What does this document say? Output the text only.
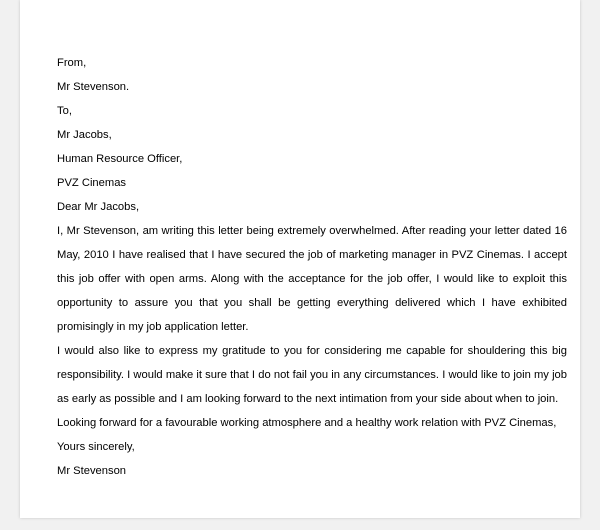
From,
Mr Stevenson.
To,
Mr Jacobs,
Human Resource Officer,
PVZ Cinemas
Dear Mr Jacobs,
I, Mr Stevenson, am writing this letter being extremely overwhelmed. After reading your letter dated 16 May, 2010 I have realised that I have secured the job of marketing manager in PVZ Cinemas. I accept this job offer with open arms. Along with the acceptance for the job offer, I would like to exploit this opportunity to assure you that you shall be getting everything delivered which I have exhibited promisingly in my job application letter.
I would also like to express my gratitude to you for considering me capable for shouldering this big responsibility. I would make it sure that I do not fail you in any circumstances. I would like to join my job as early as possible and I am looking forward to the next intimation from your side about when to join.
Looking forward for a favourable working atmosphere and a healthy work relation with PVZ Cinemas,
Yours sincerely,
Mr Stevenson
